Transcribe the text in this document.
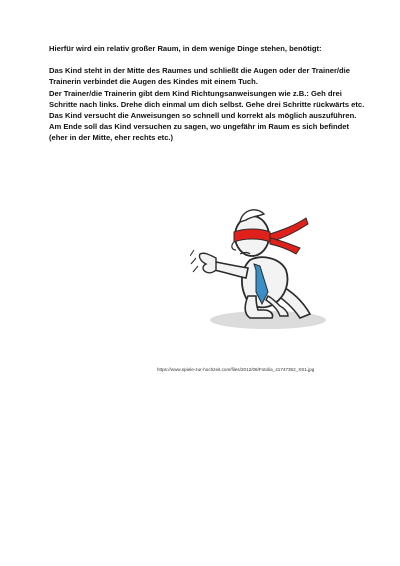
Hierfür wird ein relativ großer Raum, in dem wenige Dinge stehen, benötigt:

Das Kind steht in der Mitte des Raumes und schließt die Augen oder der Trainer/die Trainerin verbindet die Augen des Kindes mit einem Tuch.

Der Trainer/die Trainerin gibt dem Kind Richtungsanweisungen wie z.B.: Geh drei Schritte nach links. Drehe dich einmal um dich selbst. Gehe drei Schritte rückwärts etc.

Das Kind versucht die Anweisungen so schnell und korrekt als möglich auszuführen.

Am Ende soll das Kind versuchen zu sagen, wo ungefähr im Raum es sich befindet (eher in der Mitte, eher rechts etc.)

https://www.spiele-zur-hochzeit.com/files/2012/08/Fotolia_41747352_XS1.jpg
